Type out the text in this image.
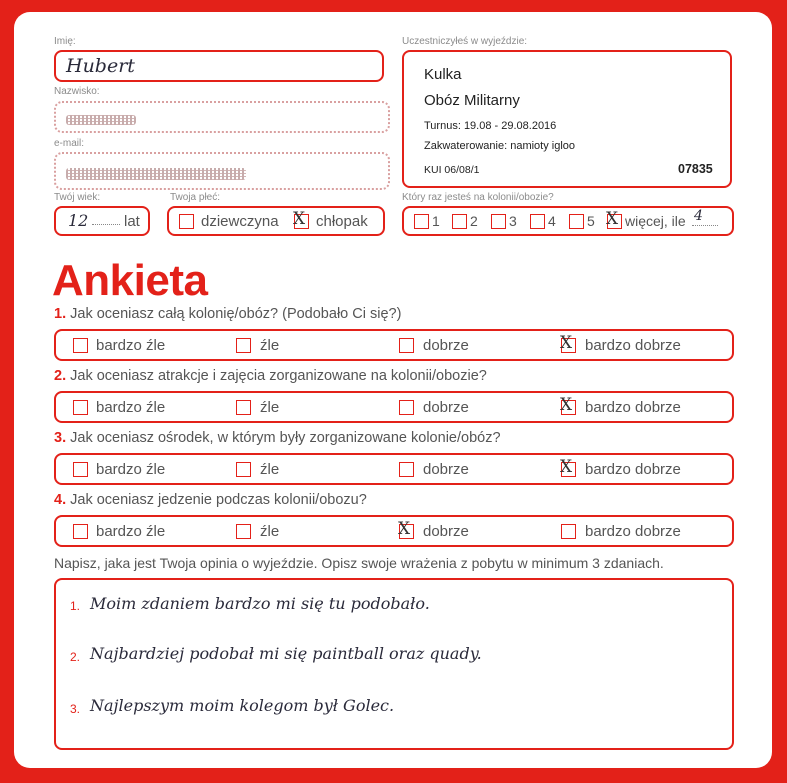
Imię:
Hubert
Nazwisko:
e-mail:
Twój wiek:
12 lat
Twoja płeć:
dziewczyna X chłopak
Uczestniczyłeś w wyjeździe:
Kulka
Obóz Militarny
Turnus: 19.08 - 29.08.2016
Zakwaterowanie: namioty igloo
KUI 06/08/1	07835
Który raz jesteś na kolonii/obozie?
1 2 3 4 5 X więcej, ile 4
Ankieta
1. Jak oceniasz całą kolonię/obóz? (Podobało Ci się?)
bardzo źle	źle	dobrze	X bardzo dobrze
2. Jak oceniasz atrakcje i zajęcia zorganizowane na kolonii/obozie?
bardzo źle	źle	dobrze	X bardzo dobrze
3. Jak oceniasz ośrodek, w którym były zorganizowane kolonie/obóz?
bardzo źle	źle	dobrze	X bardzo dobrze
4. Jak oceniasz jedzenie podczas kolonii/obozu?
bardzo źle	źle	X dobrze	bardzo dobrze
Napisz, jaka jest Twoja opinia o wyjeździe. Opisz swoje wrażenia z pobytu w minimum 3 zdaniach.
1. Moim zdaniem bardzo mi się tu podobało.
2. Najbardziej podobał mi się paintball oraz quady.
3. Najlepszym moim kolegom był Golec.
